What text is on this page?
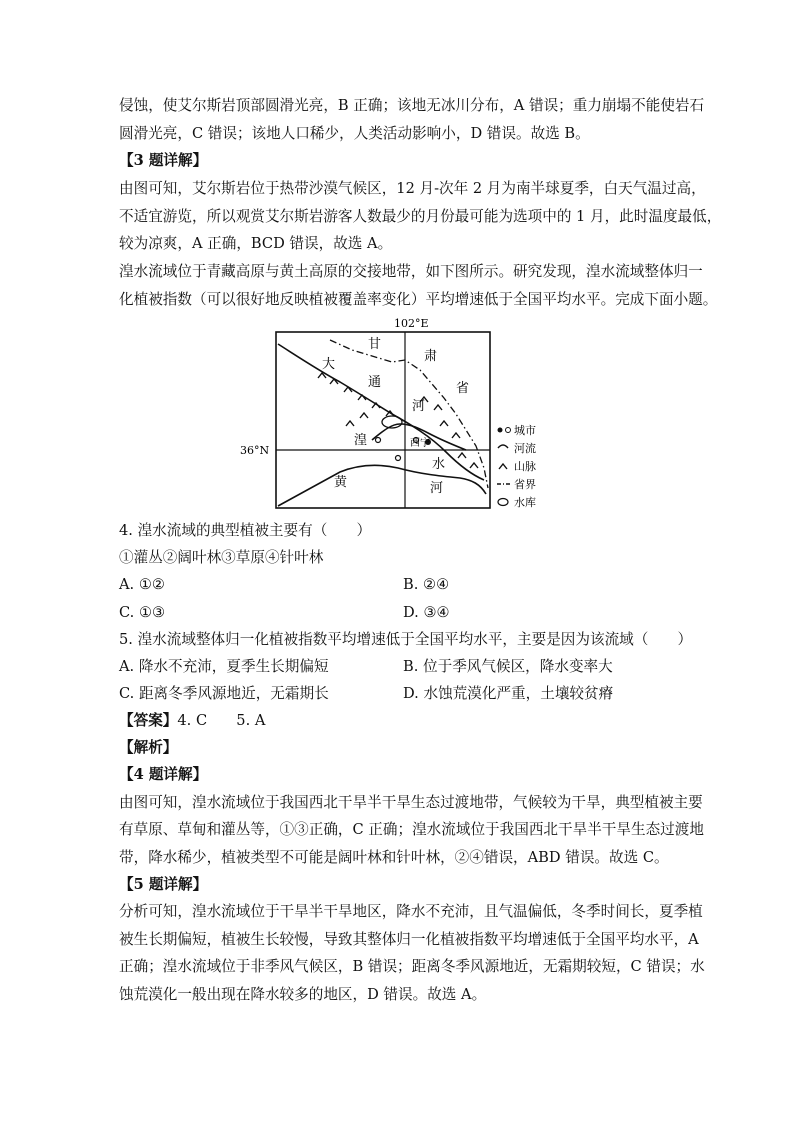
侵蚀，使艾尔斯岩顶部圆滑光亮，B 正确；该地无冰川分布，A 错误；重力崩塌不能使岩石
圆滑光亮，C 错误；该地人口稀少，人类活动影响小，D 错误。故选 B。
【3 题详解】
由图可知，艾尔斯岩位于热带沙漠气候区，12 月-次年 2 月为南半球夏季，白天气温过高，
不适宜游览，所以观赏艾尔斯岩游客人数最少的月份最可能为选项中的 1 月，此时温度最低，
较为凉爽，A 正确，BCD 错误，故选 A。
湟水流域位于青藏高原与黄土高原的交接地带，如下图所示。研究发现，湟水流域整体归一
化植被指数（可以很好地反映植被覆盖率变化）平均增速低于全国平均水平。完成下面小题。
102°E
36°N
甘
肃
省
大
通
河
湟	西宁
水
黄	河
城市
河流
山脉
省界
水库
4. 湟水流域的典型植被主要有（　　）
①灌丛②阔叶林③草原④针叶林
A. ①②	B. ②④
C. ①③	D. ③④
5. 湟水流域整体归一化植被指数平均增速低于全国平均水平，主要是因为该流域（　　）
A. 降水不充沛，夏季生长期偏短	B. 位于季风气候区，降水变率大
C. 距离冬季风源地近，无霜期长	D. 水蚀荒漠化严重，土壤较贫瘠
【答案】4. C　　5. A
【解析】
【4 题详解】
由图可知，湟水流域位于我国西北干旱半干旱生态过渡地带，气候较为干旱，典型植被主要
有草原、草甸和灌丛等，①③正确，C 正确；湟水流域位于我国西北干旱半干旱生态过渡地
带，降水稀少，植被类型不可能是阔叶林和针叶林，②④错误，ABD 错误。故选 C。
【5 题详解】
分析可知，湟水流域位于干旱半干旱地区，降水不充沛，且气温偏低，冬季时间长，夏季植
被生长期偏短，植被生长较慢，导致其整体归一化植被指数平均增速低于全国平均水平，A
正确；湟水流域位于非季风气候区，B 错误；距离冬季风源地近，无霜期较短，C 错误；水
蚀荒漠化一般出现在降水较多的地区，D 错误。故选 A。
